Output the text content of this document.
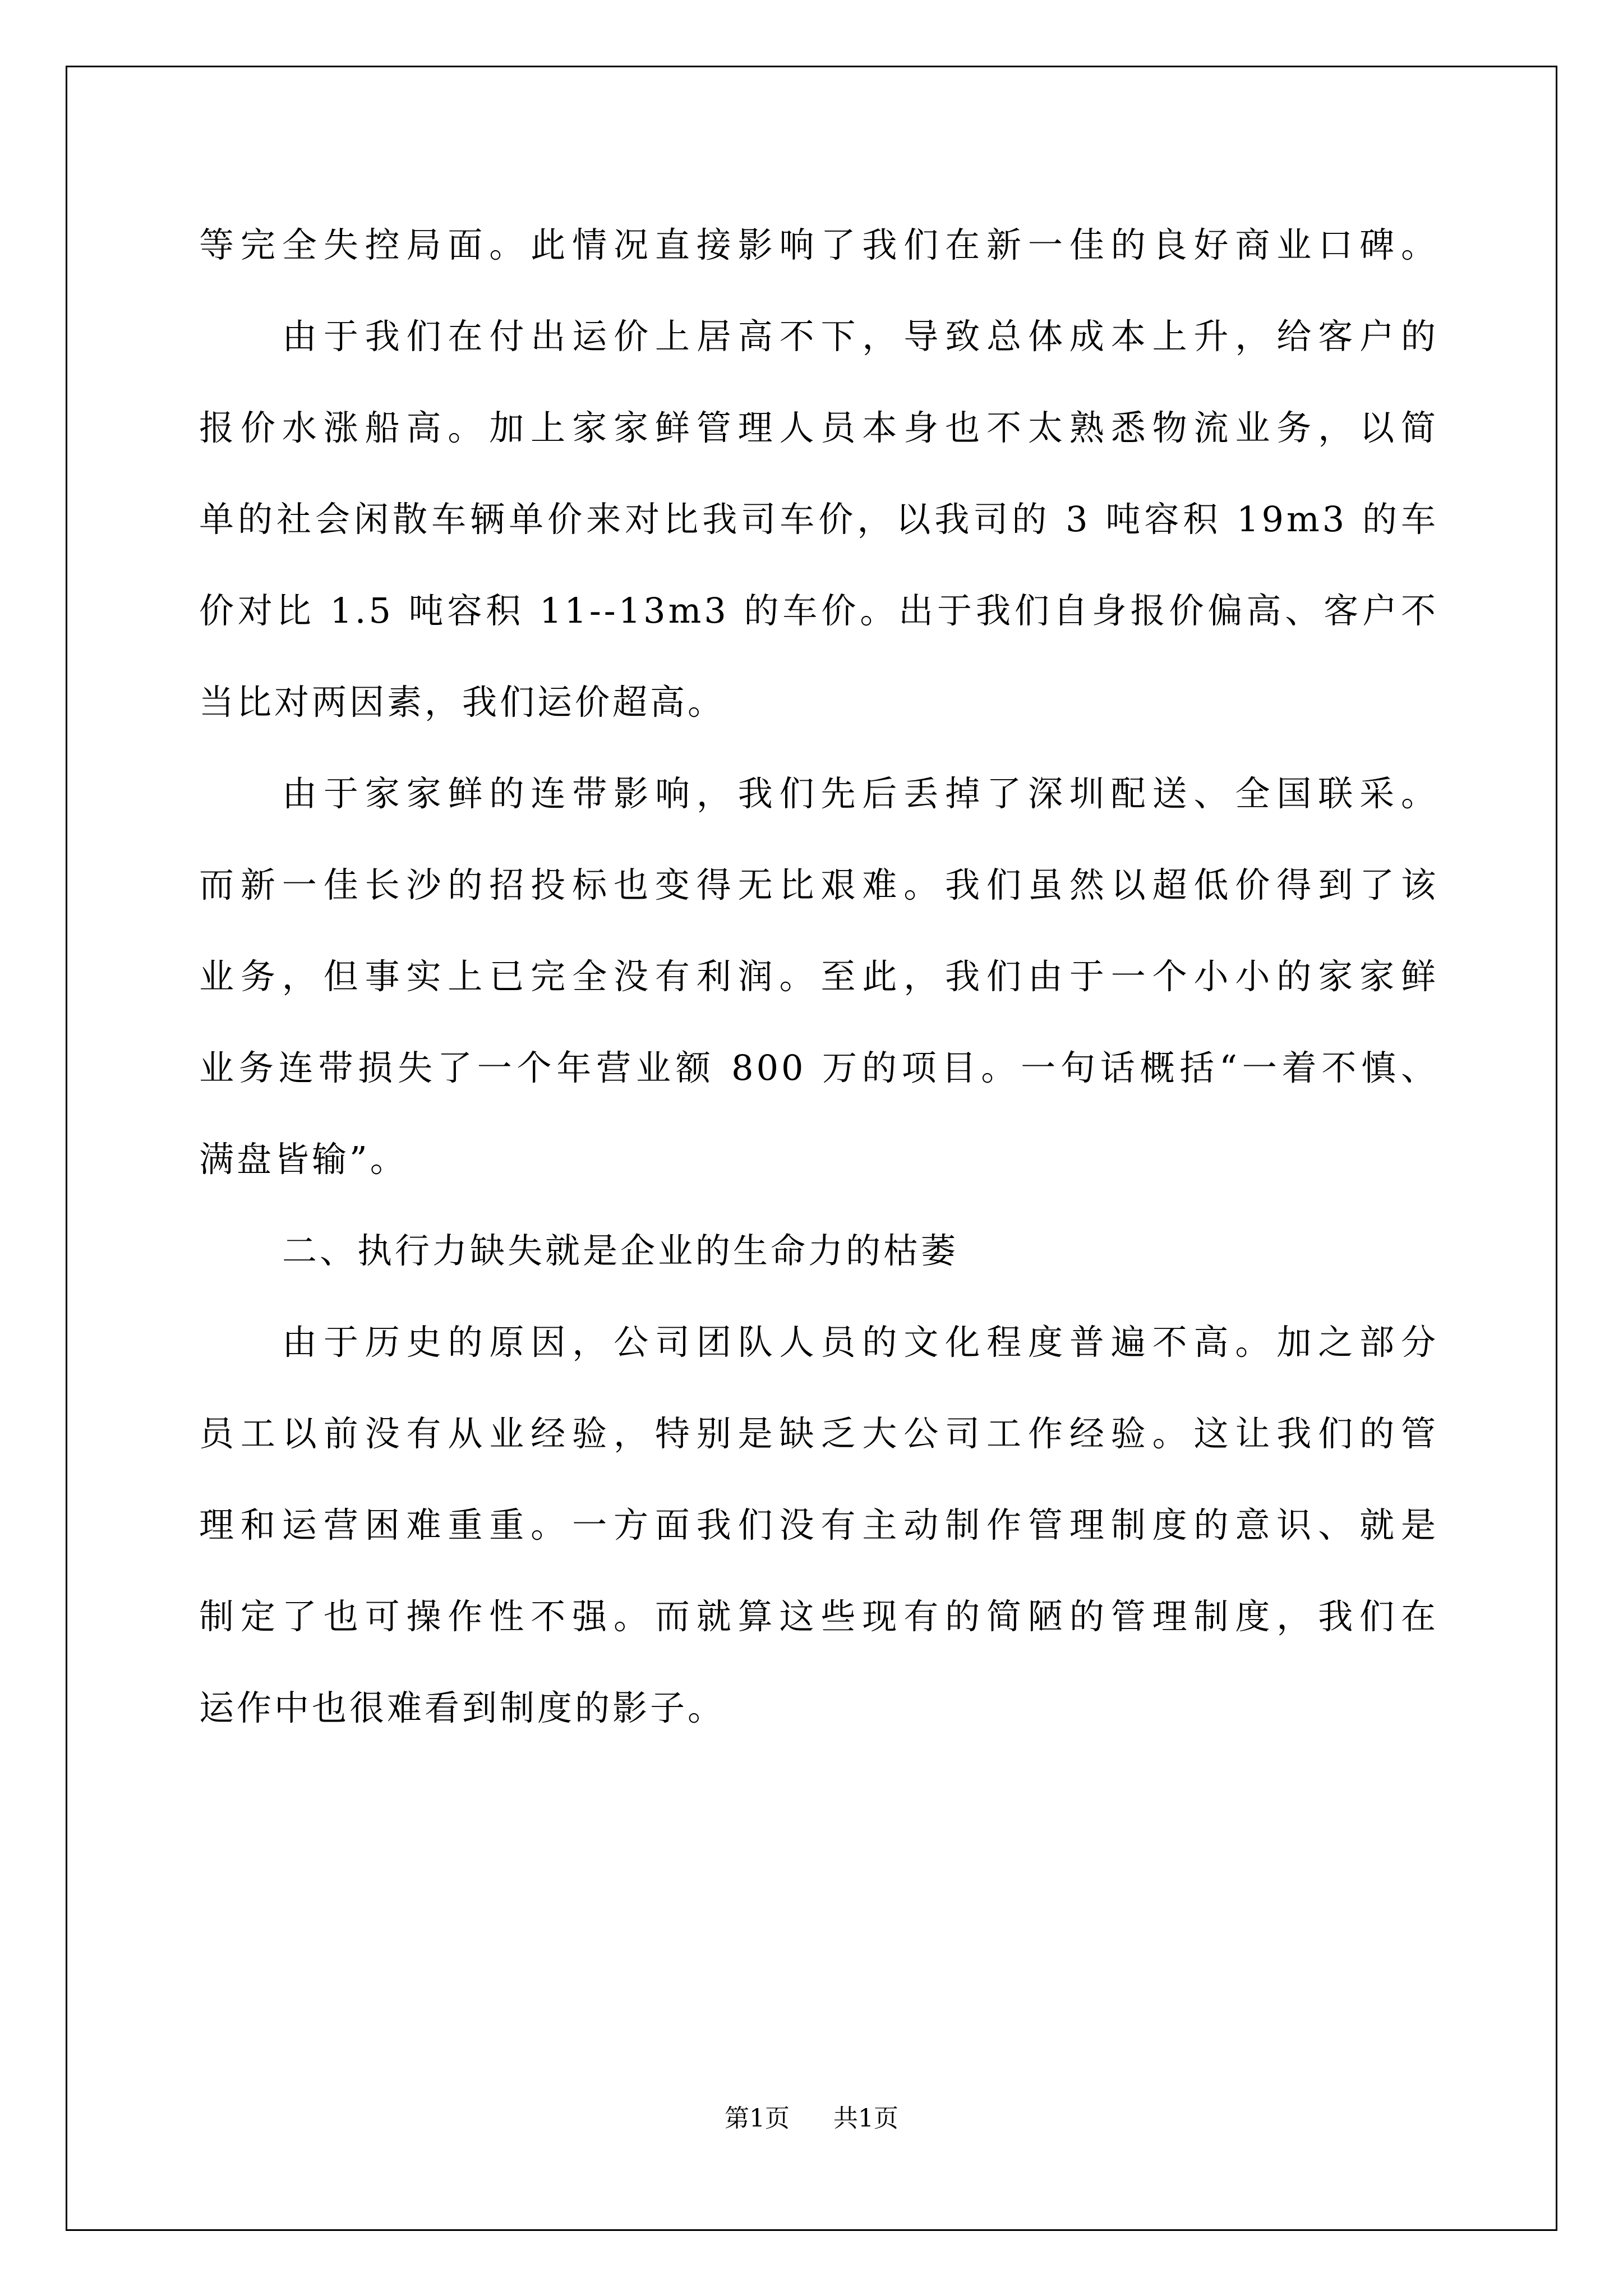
等完全失控局面。此情况直接影响了我们在新一佳的良好商业口碑。
由于我们在付出运价上居高不下，导致总体成本上升，给客户的
报价水涨船高。加上家家鲜管理人员本身也不太熟悉物流业务，以简
单的社会闲散车辆单价来对比我司车价，以我司的 3 吨容积 19m3 的车
价对比 1.5 吨容积 11--13m3 的车价。出于我们自身报价偏高、客户不
当比对两因素，我们运价超高。
由于家家鲜的连带影响，我们先后丢掉了深圳配送、全国联采。
而新一佳长沙的招投标也变得无比艰难。我们虽然以超低价得到了该
业务，但事实上已完全没有利润。至此，我们由于一个小小的家家鲜
业务连带损失了一个年营业额 800 万的项目。一句话概括“一着不慎、
满盘皆输”。
二、执行力缺失就是企业的生命力的枯萎
由于历史的原因，公司团队人员的文化程度普遍不高。加之部分
员工以前没有从业经验，特别是缺乏大公司工作经验。这让我们的管
理和运营困难重重。一方面我们没有主动制作管理制度的意识、就是
制定了也可操作性不强。而就算这些现有的简陋的管理制度，我们在
运作中也很难看到制度的影子。
第1页 共1页
